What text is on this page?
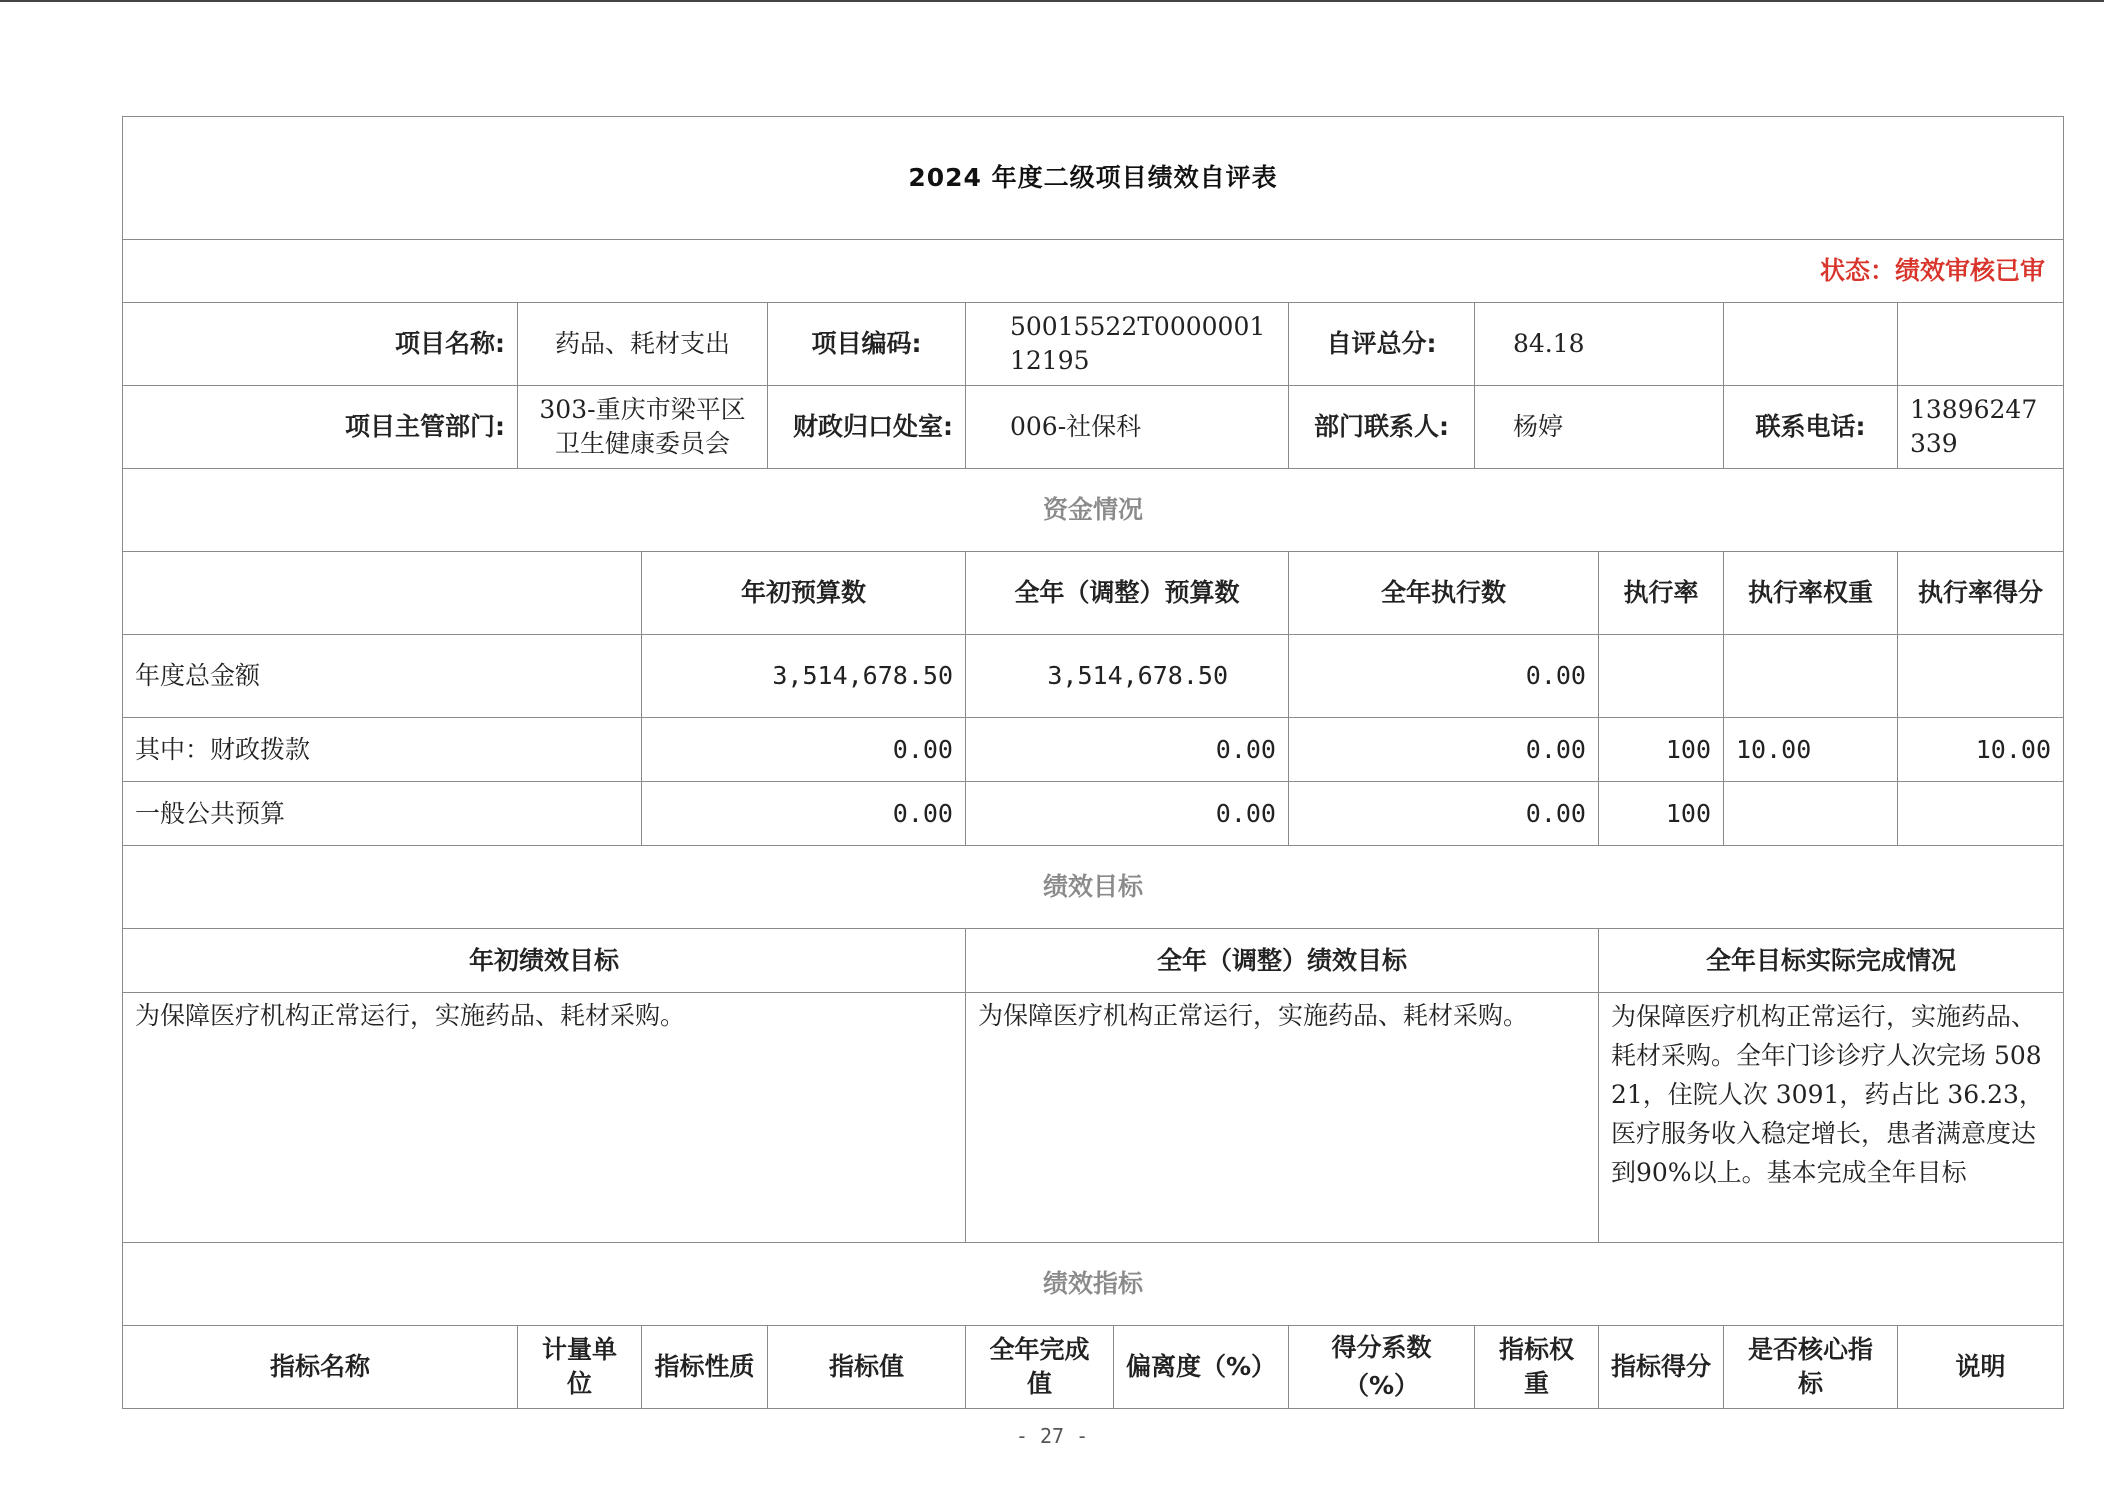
2024 年度二级项目绩效自评表										
状态：绩效审核已审										
项目名称:	药品、耗材支出		项目编码:	50015522T000000112195		自评总分:	84.18			
项目主管部门:	303-重庆市梁平区卫生健康委员会		财政归口处室:	006-社保科		部门联系人:	杨婷		联系电话:	13896247339
资金情况										
		年初预算数		全年（调整）预算数		全年执行数		执行率	执行率权重	执行率得分
年度总金额		3,514,678.50		3,514,678.50		0.00				
其中：财政拨款		0.00		0.00		0.00		100	10.00	10.00
一般公共预算		0.00		0.00		0.00		100		
绩效目标										
年初绩效目标				全年（调整）绩效目标				全年目标实际完成情况		
为保障医疗机构正常运行，实施药品、耗材采购。				为保障医疗机构正常运行，实施药品、耗材采购。				为保障医疗机构正常运行，实施药品、耗材采购。全年门诊诊疗人次完场 50821，住院人次 3091，药占比 36.23，医疗服务收入稳定增长，患者满意度达到90%以上。基本完成全年目标		
绩效指标										
指标名称	计量单位	指标性质	指标值	全年完成值	偏离度（%）	得分系数（%）	指标权重	指标得分	是否核心指标	说明
- 27 -
